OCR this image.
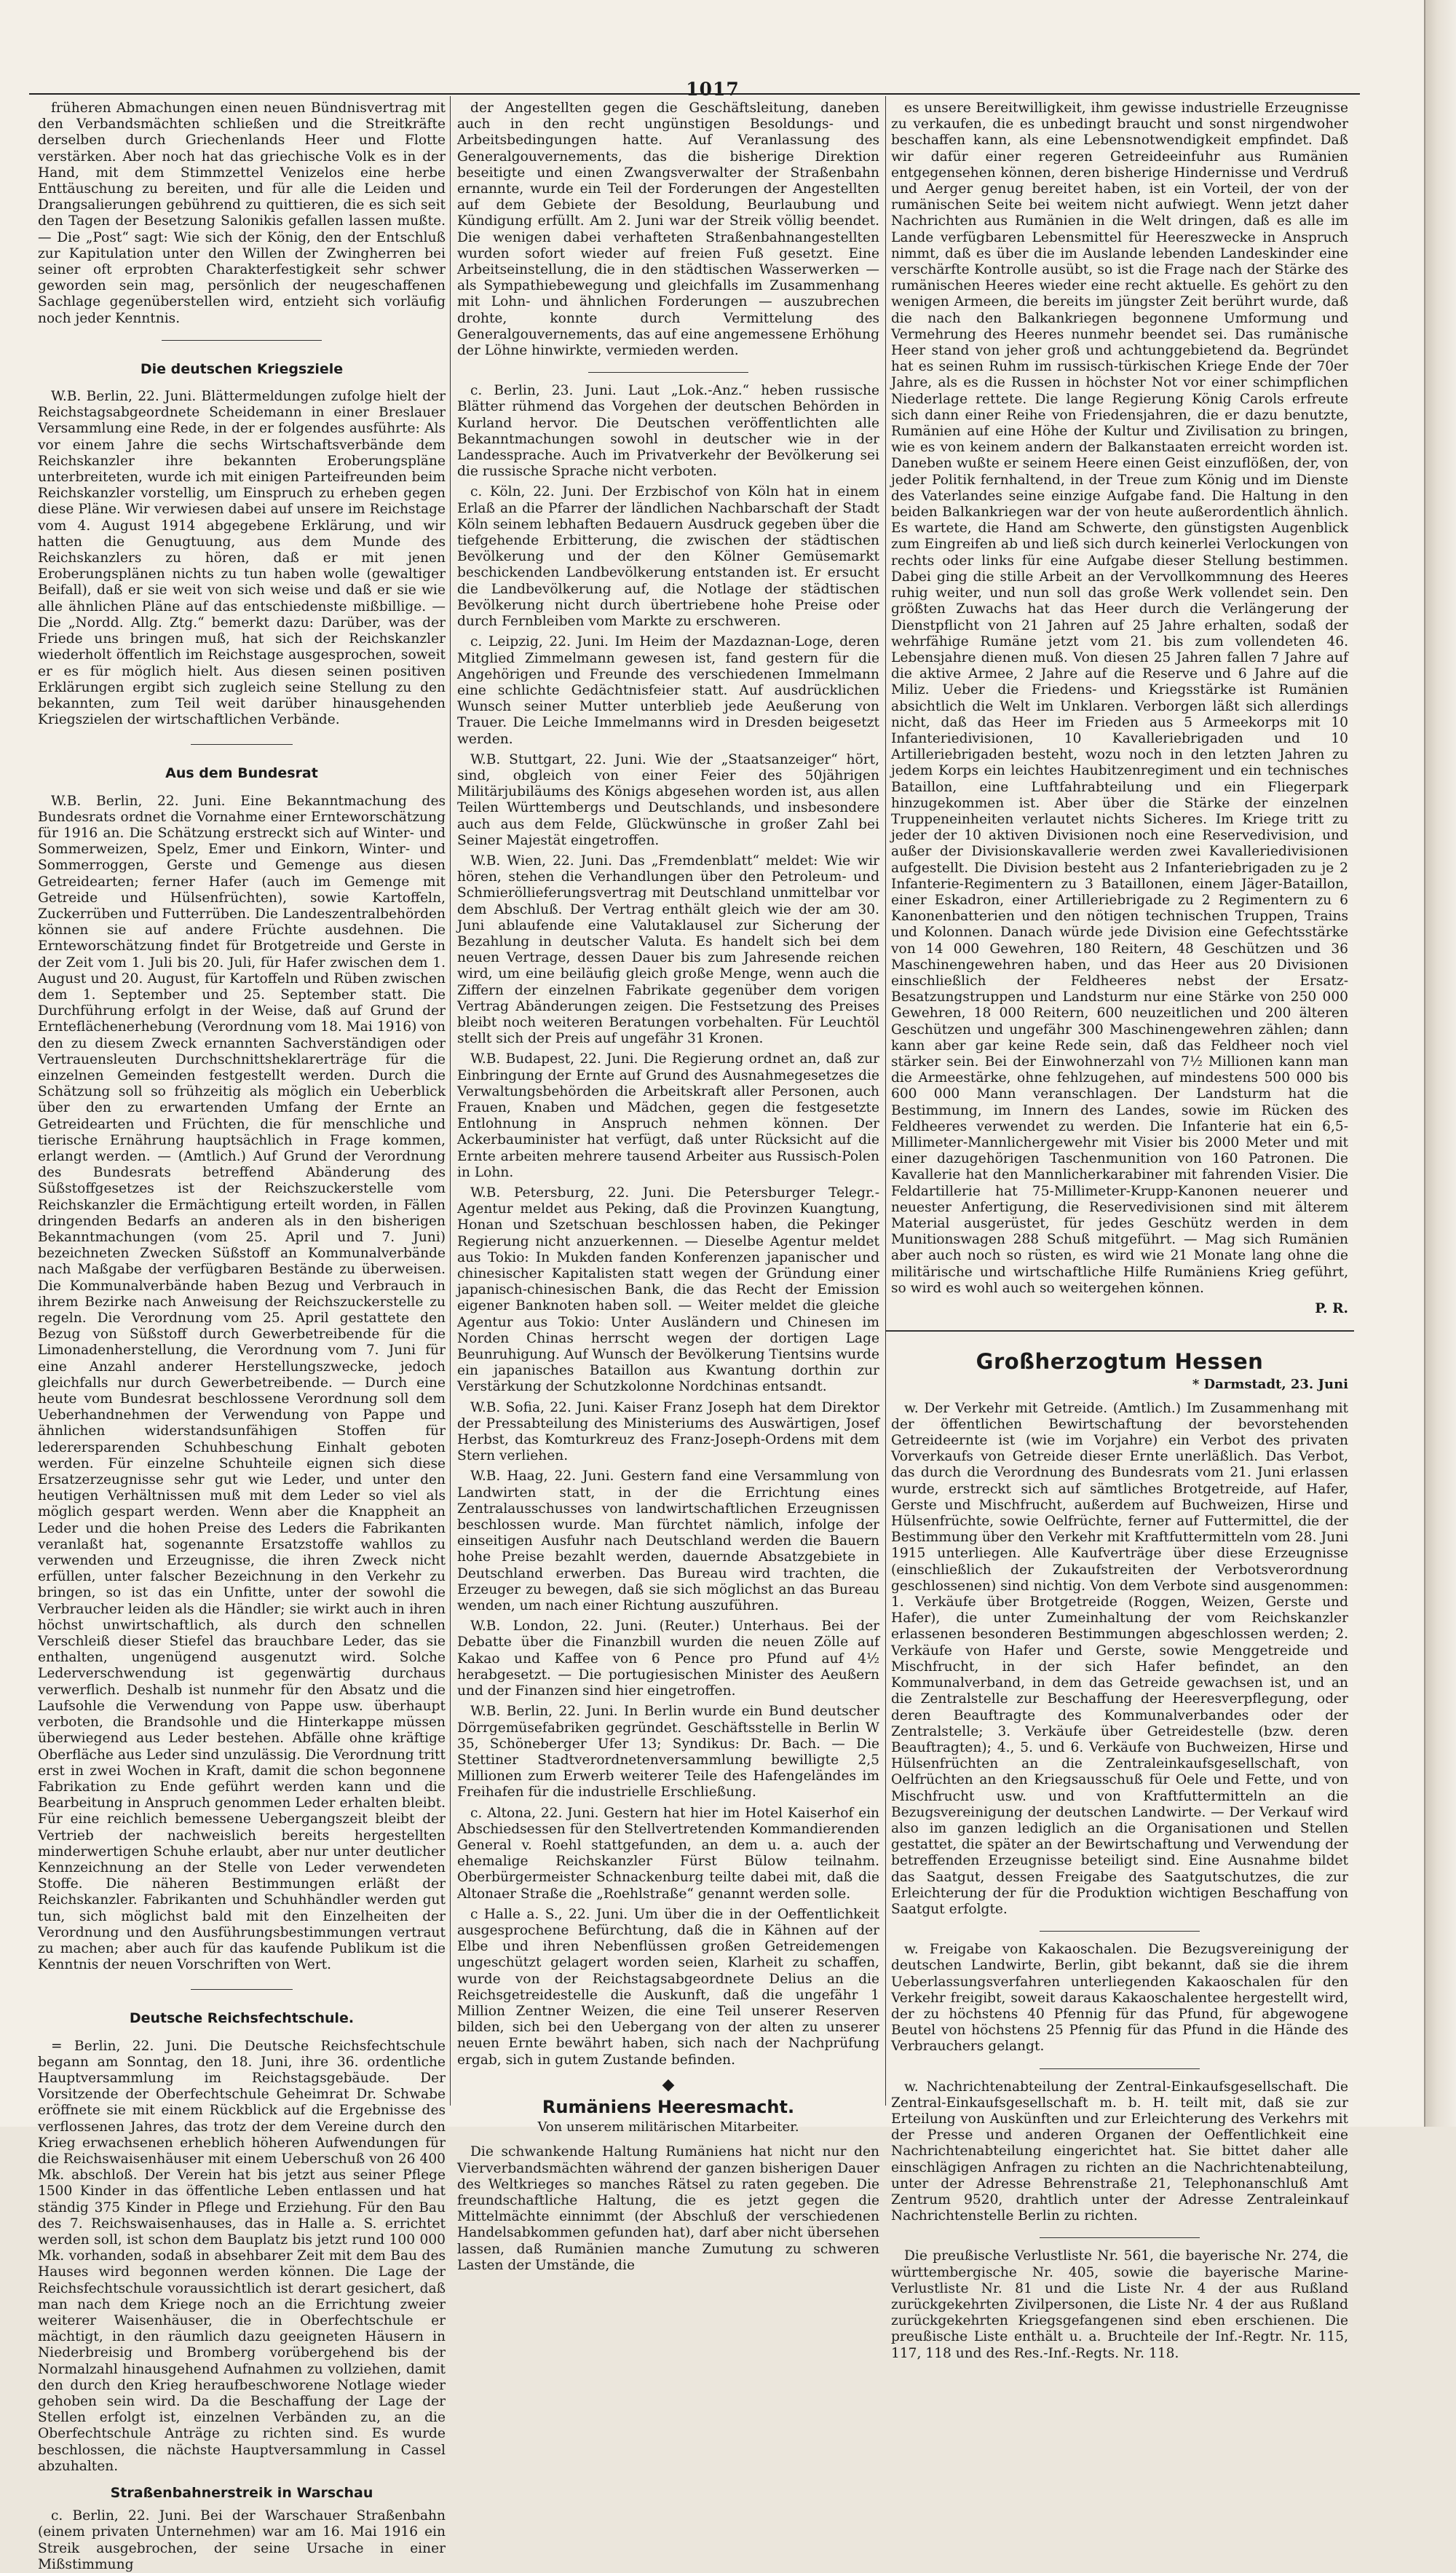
1017

früheren Abmachungen einen neuen Bündnisvertrag mit den Verbandsmächten schließen und die Streitkräfte derselben durch Griechenlands Heer und Flotte verstärken. Aber noch hat das griechische Volk es in der Hand, mit dem Stimmzettel Venizelos eine herbe Enttäuschung zu bereiten, und für alle die Leiden und Drangsalierungen gebührend zu quittieren, die es sich seit den Tagen der Besetzung Salonikis gefallen lassen mußte. — Die „Post“ sagt: Wie sich der König, den der Entschluß zur Kapitulation unter den Willen der Zwingherren bei seiner oft erprobten Charakterfestigkeit sehr schwer geworden sein mag, persönlich der neugeschaffenen Sachlage gegenüberstellen wird, entzieht sich vorläufig noch jeder Kenntnis.

Die deutschen Kriegsziele

W.B. Berlin, 22. Juni. Blättermeldungen zufolge hielt der Reichstagsabgeordnete Scheidemann in einer Breslauer Versammlung eine Rede, in der er folgendes ausführte: Als vor einem Jahre die sechs Wirtschaftsverbände dem Reichskanzler ihre bekannten Eroberungspläne unterbreiteten, wurde ich mit einigen Parteifreunden beim Reichskanzler vorstellig, um Einspruch zu erheben gegen diese Pläne. Wir verwiesen dabei auf unsere im Reichstage vom 4. August 1914 abgegebene Erklärung, und wir hatten die Genugtuung, aus dem Munde des Reichskanzlers zu hören, daß er mit jenen Eroberungsplänen nichts zu tun haben wolle (gewaltiger Beifall), daß er sie weit von sich weise und daß er sie wie alle ähnlichen Pläne auf das entschiedenste mißbillige. — Die „Nordd. Allg. Ztg.“ bemerkt dazu: Darüber, was der Friede uns bringen muß, hat sich der Reichskanzler wiederholt öffentlich im Reichstage ausgesprochen, soweit er es für möglich hielt. Aus diesen seinen positiven Erklärungen ergibt sich zugleich seine Stellung zu den bekannten, zum Teil weit darüber hinausgehenden Kriegszielen der wirtschaftlichen Verbände.

Aus dem Bundesrat

W.B. Berlin, 22. Juni. Eine Bekanntmachung des Bundesrats ordnet die Vornahme einer Ernteworschätzung für 1916 an. Die Schätzung erstreckt sich auf Winter- und Sommerweizen, Spelz, Emer und Einkorn, Winter- und Sommerroggen, Gerste und Gemenge aus diesen Getreidearten; ferner Hafer (auch im Gemenge mit Getreide und Hülsenfrüchten), sowie Kartoffeln, Zuckerrüben und Futterrüben. Die Landeszentralbehörden können sie auf andere Früchte ausdehnen. Die Ernteworschätzung findet für Brotgetreide und Gerste in der Zeit vom 1. Juli bis 20. Juli, für Hafer zwischen dem 1. August und 20. August, für Kartoffeln und Rüben zwischen dem 1. September und 25. September statt. Die Durchführung erfolgt in der Weise, daß auf Grund der Ernteflächenerhebung (Verordnung vom 18. Mai 1916) von den zu diesem Zweck ernannten Sachverständigen oder Vertrauensleuten Durchschnittsheklarerträge für die einzelnen Gemeinden festgestellt werden. Durch die Schätzung soll so frühzeitig als möglich ein Ueberblick über den zu erwartenden Umfang der Ernte an Getreidearten und Früchten, die für menschliche und tierische Ernährung hauptsächlich in Frage kommen, erlangt werden. — (Amtlich.) Auf Grund der Verordnung des Bundesrats betreffend Abänderung des Süßstoffgesetzes ist der Reichszuckerstelle vom Reichskanzler die Ermächtigung erteilt worden, in Fällen dringenden Bedarfs an anderen als in den bisherigen Bekanntmachungen (vom 25. April und 7. Juni) bezeichneten Zwecken Süßstoff an Kommunalverbände nach Maßgabe der verfügbaren Bestände zu überweisen. Die Kommunalverbände haben Bezug und Verbrauch in ihrem Bezirke nach Anweisung der Reichszuckerstelle zu regeln. Die Verordnung vom 25. April gestattete den Bezug von Süßstoff durch Gewerbetreibende für die Limonadenherstellung, die Verordnung vom 7. Juni für eine Anzahl anderer Herstellungszwecke, jedoch gleichfalls nur durch Gewerbetreibende. — Durch eine heute vom Bundesrat beschlossene Verordnung soll dem Ueberhandnehmen der Verwendung von Pappe und ähnlichen widerstandsunfähigen Stoffen für lederersparenden Schuhbeschung Einhalt geboten werden. Für einzelne Schuhteile eignen sich diese Ersatzerzeugnisse sehr gut wie Leder, und unter den heutigen Verhältnissen muß mit dem Leder so viel als möglich gespart werden. Wenn aber die Knappheit an Leder und die hohen Preise des Leders die Fabrikanten veranlaßt hat, sogenannte Ersatzstoffe wahllos zu verwenden und Erzeugnisse, die ihren Zweck nicht erfüllen, unter falscher Bezeichnung in den Verkehr zu bringen, so ist das ein Unfitte, unter der sowohl die Verbraucher leiden als die Händler; sie wirkt auch in ihren höchst unwirtschaftlich, als durch den schnellen Verschleiß dieser Stiefel das brauchbare Leder, das sie enthalten, ungenügend ausgenutzt wird. Solche Lederverschwendung ist gegenwärtig durchaus verwerflich. Deshalb ist nunmehr für den Absatz und die Laufsohle die Verwendung von Pappe usw. überhaupt verboten, die Brandsohle und die Hinterkappe müssen überwiegend aus Leder bestehen. Abfälle ohne kräftige Oberfläche aus Leder sind unzulässig. Die Verordnung tritt erst in zwei Wochen in Kraft, damit die schon begonnene Fabrikation zu Ende geführt werden kann und die Bearbeitung in Anspruch genommen Leder erhalten bleibt. Für eine reichlich bemessene Uebergangszeit bleibt der Vertrieb der nachweislich bereits hergestellten minderwertigen Schuhe erlaubt, aber nur unter deutlicher Kennzeichnung an der Stelle von Leder verwendeten Stoffe. Die näheren Bestimmungen erläßt der Reichskanzler. Fabrikanten und Schuhhändler werden gut tun, sich möglichst bald mit den Einzelheiten der Verordnung und den Ausführungsbestimmungen vertraut zu machen; aber auch für das kaufende Publikum ist die Kenntnis der neuen Vorschriften von Wert.

Deutsche Reichsfechtschule.

= Berlin, 22. Juni. Die Deutsche Reichsfechtschule begann am Sonntag, den 18. Juni, ihre 36. ordentliche Hauptversammlung im Reichstagsgebäude. Der Vorsitzende der Oberfechtschule Geheimrat Dr. Schwabe eröffnete sie mit einem Rückblick auf die Ergebnisse des verflossenen Jahres, das trotz der dem Vereine durch den Krieg erwachsenen erheblich höheren Aufwendungen für die Reichswaisenhäuser mit einem Ueberschuß von 26 400 Mk. abschloß. Der Verein hat bis jetzt aus seiner Pflege 1500 Kinder in das öffentliche Leben entlassen und hat ständig 375 Kinder in Pflege und Erziehung. Für den Bau des 7. Reichswaisenhauses, das in Halle a. S. errichtet werden soll, ist schon dem Bauplatz bis jetzt rund 100 000 Mk. vorhanden, sodaß in absehbarer Zeit mit dem Bau des Hauses wird begonnen werden können. Die Lage der Reichsfechtschule voraussichtlich ist derart gesichert, daß man nach dem Kriege noch an die Errichtung zweier weiterer Waisenhäuser, die in Oberfechtschule er mächtigt, in den räumlich dazu geeigneten Häusern in Niederbreisig und Bromberg vorübergehend bis der Normalzahl hinausgehend Aufnahmen zu vollziehen, damit den durch den Krieg heraufbeschworene Notlage wieder gehoben sein wird. Da die Beschaffung der Lage der Stellen erfolgt ist, einzelnen Verbänden zu, an die Oberfechtschule Anträge zu richten sind. Es wurde beschlossen, die nächste Hauptversammlung in Cassel abzuhalten.

Straßenbahnerstreik in Warschau

c. Berlin, 22. Juni. Bei der Warschauer Straßenbahn (einem privaten Unternehmen) war am 16. Mai 1916 ein Streik ausgebrochen, der seine Ursache in einer Mißstimmung

der Angestellten gegen die Geschäftsleitung, daneben auch in den recht ungünstigen Besoldungs- und Arbeitsbedingungen hatte. Auf Veranlassung des Generalgouvernements, das die bisherige Direktion beseitigte und einen Zwangsverwalter der Straßenbahn ernannte, wurde ein Teil der Forderungen der Angestellten auf dem Gebiete der Besoldung, Beurlaubung und Kündigung erfüllt. Am 2. Juni war der Streik völlig beendet. Die wenigen dabei verhafteten Straßenbahnangestellten wurden sofort wieder auf freien Fuß gesetzt. Eine Arbeitseinstellung, die in den städtischen Wasserwerken — als Sympathiebewegung und gleichfalls im Zusammenhang mit Lohn- und ähnlichen Forderungen — auszubrechen drohte, konnte durch Vermittelung des Generalgouvernements, das auf eine angemessene Erhöhung der Löhne hinwirkte, vermieden werden.

c. Berlin, 23. Juni. Laut „Lok.-Anz.“ heben russische Blätter rühmend das Vorgehen der deutschen Behörden in Kurland hervor. Die Deutschen veröffentlichten alle Bekanntmachungen sowohl in deutscher wie in der Landessprache. Auch im Privatverkehr der Bevölkerung sei die russische Sprache nicht verboten.

c. Köln, 22. Juni. Der Erzbischof von Köln hat in einem Erlaß an die Pfarrer der ländlichen Nachbarschaft der Stadt Köln seinem lebhaften Bedauern Ausdruck gegeben über die tiefgehende Erbitterung, die zwischen der städtischen Bevölkerung und der den Kölner Gemüsemarkt beschickenden Landbevölkerung entstanden ist. Er ersucht die Landbevölkerung auf, die Notlage der städtischen Bevölkerung nicht durch übertriebene hohe Preise oder durch Fernbleiben vom Markte zu erschweren.

c. Leipzig, 22. Juni. Im Heim der Mazdaznan-Loge, deren Mitglied Zimmelmann gewesen ist, fand gestern für die Angehörigen und Freunde des verschiedenen Immelmann eine schlichte Gedächtnisfeier statt. Auf ausdrücklichen Wunsch seiner Mutter unterblieb jede Aeußerung von Trauer. Die Leiche Immelmanns wird in Dresden beigesetzt werden.

W.B. Stuttgart, 22. Juni. Wie der „Staatsanzeiger“ hört, sind, obgleich von einer Feier des 50jährigen Militärjubiläums des Königs abgesehen worden ist, aus allen Teilen Württembergs und Deutschlands, und insbesondere auch aus dem Felde, Glückwünsche in großer Zahl bei Seiner Majestät eingetroffen.

W.B. Wien, 22. Juni. Das „Fremdenblatt“ meldet: Wie wir hören, stehen die Verhandlungen über den Petroleum- und Schmieröllieferungsvertrag mit Deutschland unmittelbar vor dem Abschluß. Der Vertrag enthält gleich wie der am 30. Juni ablaufende eine Valutaklausel zur Sicherung der Bezahlung in deutscher Valuta. Es handelt sich bei dem neuen Vertrage, dessen Dauer bis zum Jahresende reichen wird, um eine beiläufig gleich große Menge, wenn auch die Ziffern der einzelnen Fabrikate gegenüber dem vorigen Vertrag Abänderungen zeigen. Die Festsetzung des Preises bleibt noch weiteren Beratungen vorbehalten. Für Leuchtöl stellt sich der Preis auf ungefähr 31 Kronen.

W.B. Budapest, 22. Juni. Die Regierung ordnet an, daß zur Einbringung der Ernte auf Grund des Ausnahmegesetzes die Verwaltungsbehörden die Arbeitskraft aller Personen, auch Frauen, Knaben und Mädchen, gegen die festgesetzte Entlohnung in Anspruch nehmen können. Der Ackerbauminister hat verfügt, daß unter Rücksicht auf die Ernte arbeiten mehrere tausend Arbeiter aus Russisch-Polen in Lohn.

W.B. Petersburg, 22. Juni. Die Petersburger Telegr.-Agentur meldet aus Peking, daß die Provinzen Kuangtung, Honan und Szetschuan beschlossen haben, die Pekinger Regierung nicht anzuerkennen. — Dieselbe Agentur meldet aus Tokio: In Mukden fanden Konferenzen japanischer und chinesischer Kapitalisten statt wegen der Gründung einer japanisch-chinesischen Bank, die das Recht der Emission eigener Banknoten haben soll. — Weiter meldet die gleiche Agentur aus Tokio: Unter Ausländern und Chinesen im Norden Chinas herrscht wegen der dortigen Lage Beunruhigung. Auf Wunsch der Bevölkerung Tientsins wurde ein japanisches Bataillon aus Kwantung dorthin zur Verstärkung der Schutzkolonne Nordchinas entsandt.

W.B. Sofia, 22. Juni. Kaiser Franz Joseph hat dem Direktor der Pressabteilung des Ministeriums des Auswärtigen, Josef Herbst, das Komturkreuz des Franz-Joseph-Ordens mit dem Stern verliehen.

W.B. Haag, 22. Juni. Gestern fand eine Versammlung von Landwirten statt, in der die Errichtung eines Zentralausschusses von landwirtschaftlichen Erzeugnissen beschlossen wurde. Man fürchtet nämlich, infolge der einseitigen Ausfuhr nach Deutschland werden die Bauern hohe Preise bezahlt werden, dauernde Absatzgebiete in Deutschland erwerben. Das Bureau wird trachten, die Erzeuger zu bewegen, daß sie sich möglichst an das Bureau wenden, um nach einer Richtung auszuführen.

W.B. London, 22. Juni. (Reuter.) Unterhaus. Bei der Debatte über die Finanzbill wurden die neuen Zölle auf Kakao und Kaffee von 6 Pence pro Pfund auf 4½ herabgesetzt. — Die portugiesischen Minister des Aeußern und der Finanzen sind hier eingetroffen.

W.B. Berlin, 22. Juni. In Berlin wurde ein Bund deutscher Dörrgemüsefabriken gegründet. Geschäftsstelle in Berlin W 35, Schöneberger Ufer 13; Syndikus: Dr. Bach. — Die Stettiner Stadtverordnetenversammlung bewilligte 2,5 Millionen zum Erwerb weiterer Teile des Hafengeländes im Freihafen für die industrielle Erschließung.

c. Altona, 22. Juni. Gestern hat hier im Hotel Kaiserhof ein Abschiedsessen für den Stellvertretenden Kommandierenden General v. Roehl stattgefunden, an dem u. a. auch der ehemalige Reichskanzler Fürst Bülow teilnahm. Oberbürgermeister Schnackenburg teilte dabei mit, daß die Altonaer Straße die „Roehlstraße“ genannt werden solle.

c Halle a. S., 22. Juni. Um über die in der Oeffentlichkeit ausgesprochene Befürchtung, daß die in Kähnen auf der Elbe und ihren Nebenflüssen großen Getreidemengen ungeschützt gelagert worden seien, Klarheit zu schaffen, wurde von der Reichstagsabgeordnete Delius an die Reichsgetreidestelle die Auskunft, daß die ungefähr 1 Million Zentner Weizen, die eine Teil unserer Reserven bilden, sich bei den Uebergang von der alten zu unserer neuen Ernte bewährt haben, sich nach der Nachprüfung ergab, sich in gutem Zustande befinden.

◆
Rumäniens Heeresmacht.
Von unserem militärischen Mitarbeiter.

Die schwankende Haltung Rumäniens hat nicht nur den Vierverbandsmächten während der ganzen bisherigen Dauer des Weltkrieges so manches Rätsel zu raten gegeben. Die freundschaftliche Haltung, die es jetzt gegen die Mittelmächte einnimmt (der Abschluß der verschiedenen Handelsabkommen gefunden hat), darf aber nicht übersehen lassen, daß Rumänien manche Zumutung zu schweren Lasten der Umstände, die

es unsere Bereitwilligkeit, ihm gewisse industrielle Erzeugnisse zu verkaufen, die es unbedingt braucht und sonst nirgendwoher beschaffen kann, als eine Lebensnotwendigkeit empfindet. Daß wir dafür einer regeren Getreideeinfuhr aus Rumänien entgegensehen können, deren bisherige Hindernisse und Verdruß und Aerger genug bereitet haben, ist ein Vorteil, der von der rumänischen Seite bei weitem nicht aufwiegt. Wenn jetzt daher Nachrichten aus Rumänien in die Welt dringen, daß es alle im Lande verfügbaren Lebensmittel für Heereszwecke in Anspruch nimmt, daß es über die im Auslande lebenden Landeskinder eine verschärfte Kontrolle ausübt, so ist die Frage nach der Stärke des rumänischen Heeres wieder eine recht aktuelle. Es gehört zu den wenigen Armeen, die bereits im jüngster Zeit berührt wurde, daß die nach den Balkankriegen begonnene Umformung und Vermehrung des Heeres nunmehr beendet sei. Das rumänische Heer stand von jeher groß und achtunggebietend da. Begründet hat es seinen Ruhm im russisch-türkischen Kriege Ende der 70er Jahre, als es die Russen in höchster Not vor einer schimpflichen Niederlage rettete. Die lange Regierung König Carols erfreute sich dann einer Reihe von Friedensjahren, die er dazu benutzte, Rumänien auf eine Höhe der Kultur und Zivilisation zu bringen, wie es von keinem andern der Balkanstaaten erreicht worden ist. Daneben wußte er seinem Heere einen Geist einzuflößen, der, von jeder Politik fernhaltend, in der Treue zum König und im Dienste des Vaterlandes seine einzige Aufgabe fand. Die Haltung in den beiden Balkankriegen war der von heute außerordentlich ähnlich. Es wartete, die Hand am Schwerte, den günstigsten Augenblick zum Eingreifen ab und ließ sich durch keinerlei Verlockungen von rechts oder links für eine Aufgabe dieser Stellung bestimmen. Dabei ging die stille Arbeit an der Vervollkommnung des Heeres ruhig weiter, und nun soll das große Werk vollendet sein. Den größten Zuwachs hat das Heer durch die Verlängerung der Dienstpflicht von 21 Jahren auf 25 Jahre erhalten, sodaß der wehrfähige Rumäne jetzt vom 21. bis zum vollendeten 46. Lebensjahre dienen muß. Von diesen 25 Jahren fallen 7 Jahre auf die aktive Armee, 2 Jahre auf die Reserve und 6 Jahre auf die Miliz. Ueber die Friedens- und Kriegsstärke ist Rumänien absichtlich die Welt im Unklaren. Verborgen läßt sich allerdings nicht, daß das Heer im Frieden aus 5 Armeekorps mit 10 Infanteriedivisionen, 10 Kavalleriebrigaden und 10 Artilleriebrigaden besteht, wozu noch in den letzten Jahren zu jedem Korps ein leichtes Haubitzenregiment und ein technisches Bataillon, eine Luftfahrabteilung und ein Fliegerpark hinzugekommen ist. Aber über die Stärke der einzelnen Truppeneinheiten verlautet nichts Sicheres. Im Kriege tritt zu jeder der 10 aktiven Divisionen noch eine Reservedivision, und außer der Divisionskavallerie werden zwei Kavalleriedivisionen aufgestellt. Die Division besteht aus 2 Infanteriebrigaden zu je 2 Infanterie-Regimentern zu 3 Bataillonen, einem Jäger-Bataillon, einer Eskadron, einer Artilleriebrigade zu 2 Regimentern zu 6 Kanonenbatterien und den nötigen technischen Truppen, Trains und Kolonnen. Danach würde jede Division eine Gefechtsstärke von 14 000 Gewehren, 180 Reitern, 48 Geschützen und 36 Maschinengewehren haben, und das Heer aus 20 Divisionen einschließlich der Feldheeres nebst der Ersatz-Besatzungstruppen und Landsturm nur eine Stärke von 250 000 Gewehren, 18 000 Reitern, 600 neuzeitlichen und 200 älteren Geschützen und ungefähr 300 Maschinengewehren zählen; dann kann aber gar keine Rede sein, daß das Feldheer noch viel stärker sein. Bei der Einwohnerzahl von 7½ Millionen kann man die Armeestärke, ohne fehlzugehen, auf mindestens 500 000 bis 600 000 Mann veranschlagen. Der Landsturm hat die Bestimmung, im Innern des Landes, sowie im Rücken des Feldheeres verwendet zu werden. Die Infanterie hat ein 6,5-Millimeter-Mannlichergewehr mit Visier bis 2000 Meter und mit einer dazugehörigen Taschenmunition von 160 Patronen. Die Kavallerie hat den Mannlicherkarabiner mit fahrenden Visier. Die Feldartillerie hat 75-Millimeter-Krupp-Kanonen neuerer und neuester Anfertigung, die Reservedivisionen sind mit älterem Material ausgerüstet, für jedes Geschütz werden in dem Munitionswagen 288 Schuß mitgeführt. — Mag sich Rumänien aber auch noch so rüsten, es wird wie 21 Monate lang ohne die militärische und wirtschaftliche Hilfe Rumäniens Krieg geführt, so wird es wohl auch so weitergehen können.

P. R.
Großherzogtum Hessen
* Darmstadt, 23. Juni

w. Der Verkehr mit Getreide. (Amtlich.) Im Zusammenhang mit der öffentlichen Bewirtschaftung der bevorstehenden Getreideernte ist (wie im Vorjahre) ein Verbot des privaten Vorverkaufs von Getreide dieser Ernte unerläßlich. Das Verbot, das durch die Verordnung des Bundesrats vom 21. Juni erlassen wurde, erstreckt sich auf sämtliches Brotgetreide, auf Hafer, Gerste und Mischfrucht, außerdem auf Buchweizen, Hirse und Hülsenfrüchte, sowie Oelfrüchte, ferner auf Futtermittel, die der Bestimmung über den Verkehr mit Kraftfuttermitteln vom 28. Juni 1915 unterliegen. Alle Kaufverträge über diese Erzeugnisse (einschließlich der Zukaufstreiten der Verbotsverordnung geschlossenen) sind nichtig. Von dem Verbote sind ausgenommen: 1. Verkäufe über Brotgetreide (Roggen, Weizen, Gerste und Hafer), die unter Zumeinhaltung der vom Reichskanzler erlassenen besonderen Bestimmungen abgeschlossen werden; 2. Verkäufe von Hafer und Gerste, sowie Menggetreide und Mischfrucht, in der sich Hafer befindet, an den Kommunalverband, in dem das Getreide gewachsen ist, und an die Zentralstelle zur Beschaffung der Heeresverpflegung, oder deren Beauftragte des Kommunalverbandes oder der Zentralstelle; 3. Verkäufe über Getreidestelle (bzw. deren Beauftragten); 4., 5. und 6. Verkäufe von Buchweizen, Hirse und Hülsenfrüchten an die Zentraleinkaufsgesellschaft, von Oelfrüchten an den Kriegsausschuß für Oele und Fette, und von Mischfrucht usw. und von Kraftfuttermitteln an die Bezugsvereinigung der deutschen Landwirte. — Der Verkauf wird also im ganzen lediglich an die Organisationen und Stellen gestattet, die später an der Bewirtschaftung und Verwendung der betreffenden Erzeugnisse beteiligt sind. Eine Ausnahme bildet das Saatgut, dessen Freigabe des Saatgutschutzes, die zur Erleichterung der für die Produktion wichtigen Beschaffung von Saatgut erfolgte.

w. Freigabe von Kakaoschalen. Die Bezugsvereinigung der deutschen Landwirte, Berlin, gibt bekannt, daß sie die ihrem Ueberlassungsverfahren unterliegenden Kakaoschalen für den Verkehr freigibt, soweit daraus Kakaoschalentee hergestellt wird, der zu höchstens 40 Pfennig für das Pfund, für abgewogene Beutel von höchstens 25 Pfennig für das Pfund in die Hände des Verbrauchers gelangt.

w. Nachrichtenabteilung der Zentral-Einkaufsgesellschaft. Die Zentral-Einkaufsgesellschaft m. b. H. teilt mit, daß sie zur Erteilung von Auskünften und zur Erleichterung des Verkehrs mit der Presse und anderen Organen der Oeffentlichkeit eine Nachrichtenabteilung eingerichtet hat. Sie bittet daher alle einschlägigen Anfragen zu richten an die Nachrichtenabteilung, unter der Adresse Behrenstraße 21, Telephonanschluß Amt Zentrum 9520, drahtlich unter der Adresse Zentraleinkauf Nachrichtenstelle Berlin zu richten.

Die preußische Verlustliste Nr. 561, die bayerische Nr. 274, die württembergische Nr. 405, sowie die bayerische Marine-Verlustliste Nr. 81 und die Liste Nr. 4 der aus Rußland zurückgekehrten Zivilpersonen, die Liste Nr. 4 der aus Rußland zurückgekehrten Kriegsgefangenen sind eben erschienen. Die preußische Liste enthält u. a. Bruchteile der Inf.-Regtr. Nr. 115, 117, 118 und des Res.-Inf.-Regts. Nr. 118.
